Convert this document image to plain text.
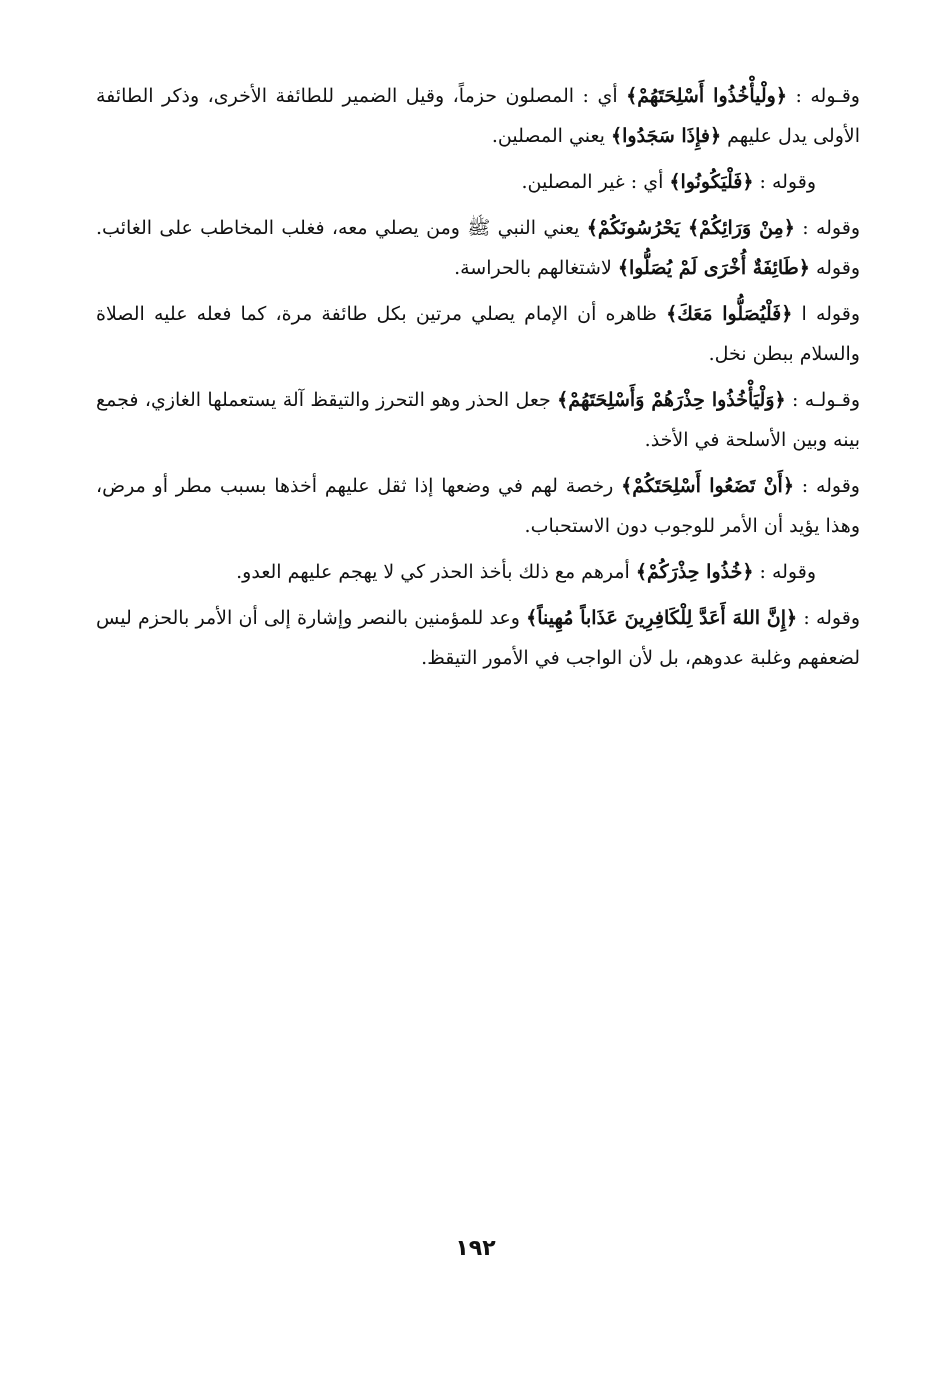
وقـوله : ﴿ولْيأْخُذُوا أَسْلِحَتَهُمْ﴾ أي : المصلون حزماً، وقيل الضمير للطائفة الأخرى، وذكر الطائفة الأولى يدل عليهم ﴿فإِذَا سَجَدُوا﴾ يعني المصلين.

وقوله : ﴿فَلْيَكُونُوا﴾ أي : غير المصلين.

وقوله : ﴿مِنْ وَرَائِكُمْ﴾ يَحْرُسُونَكُمْ﴾ يعني النبي ﷺ ومن يصلي معه، فغلب المخاطب على الغائب. وقوله ﴿طَائِفَةٌ أُخْرَى لَمْ يُصَلُّوا﴾ لاشتغالهم بالحراسة.

وقوله ا ﴿فَلْيُصَلُّوا مَعَكَ﴾ ظاهره أن الإمام يصلي مرتين بكل طائفة مرة، كما فعله عليه الصلاة والسلام ببطن نخل.

وقـولـه : ﴿وَلْيَأْخُذُوا حِذْرَهُمْ وَأَسْلِحَتَهُمْ﴾ جعل الحذر وهو التحرز والتيقظ آلة يستعملها الغازي، فجمع بينه وبين الأسلحة في الأخذ.

وقوله : ﴿أَنْ تَضَعُوا أَسْلِحَتَكُمْ﴾ رخصة لهم في وضعها إذا ثقل عليهم أخذها بسبب مطر أو مرض، وهذا يؤيد أن الأمر للوجوب دون الاستحباب.

وقوله : ﴿خُذُوا حِذْرَكُمْ﴾ أمرهم مع ذلك بأخذ الحذر كي لا يهجم عليهم العدو.

وقوله : ﴿إِنَّ اللهَ أَعَدَّ لِلْكَافِرِينَ عَذَاباً مُهِيناً﴾ وعد للمؤمنين بالنصر وإشارة إلى أن الأمر بالحزم ليس لضعفهم وغلبة عدوهم، بل لأن الواجب في الأمور التيقظ.

١٩٢
